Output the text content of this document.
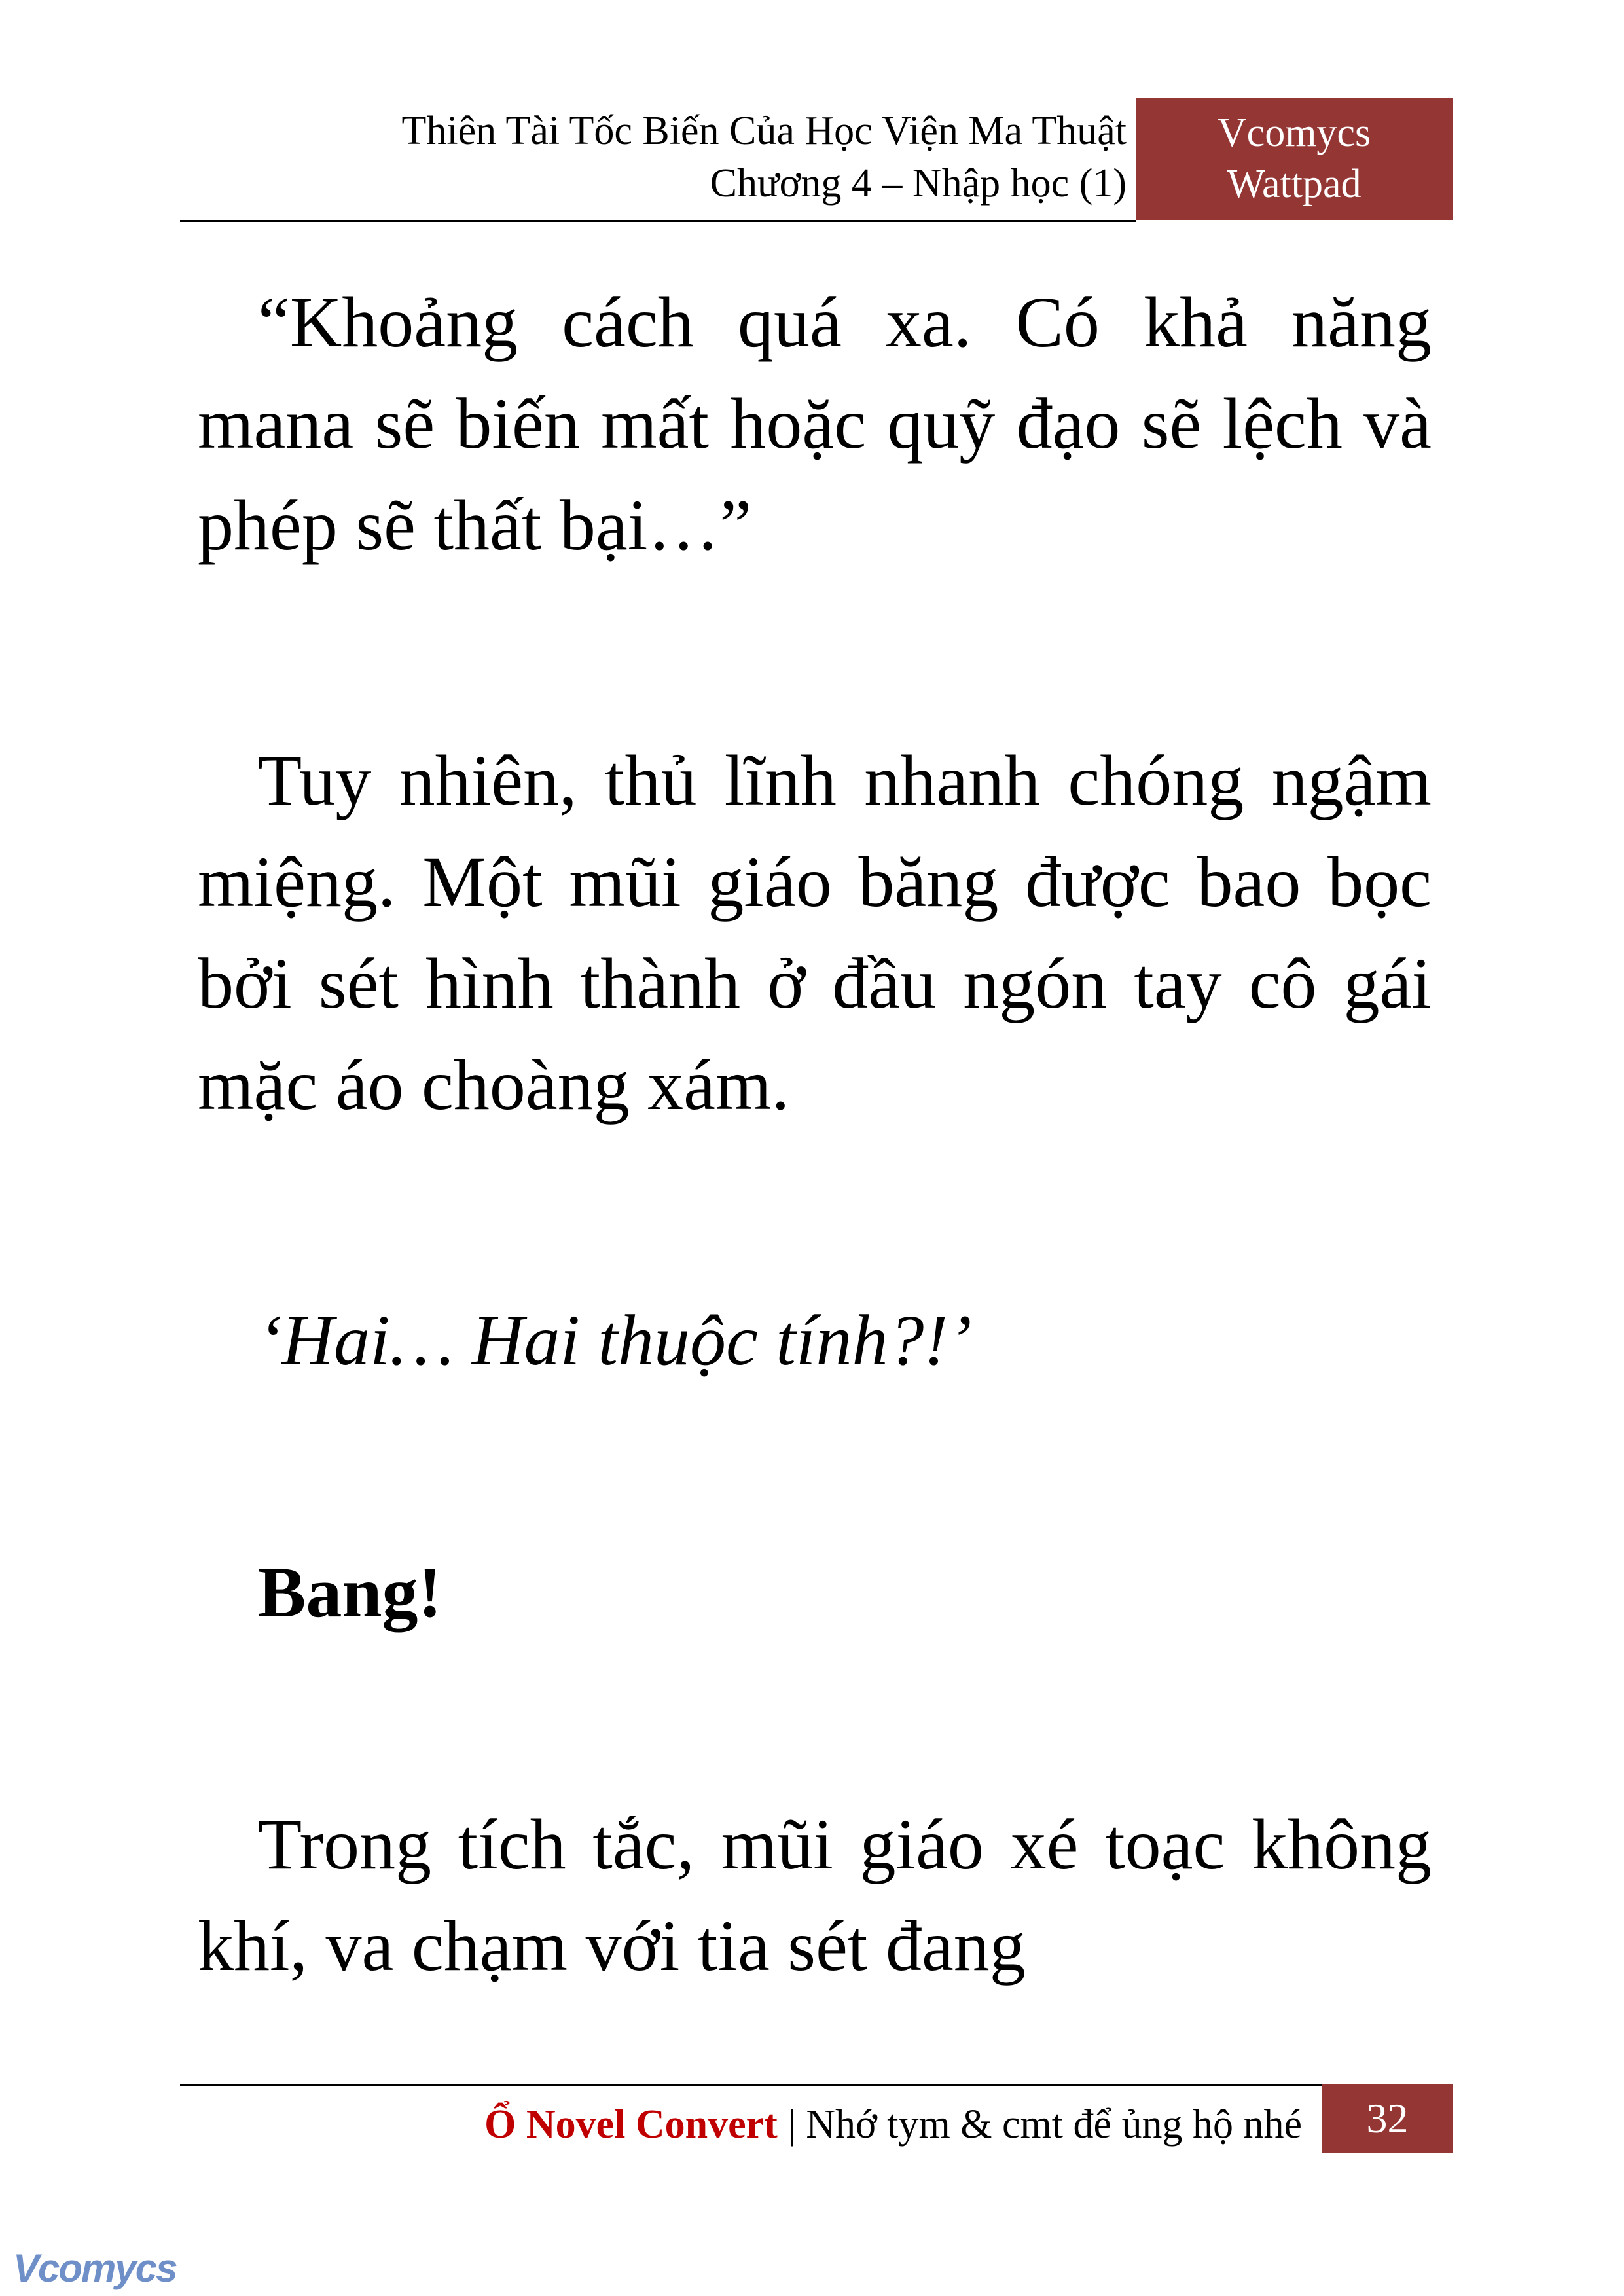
Thiên Tài Tốc Biến Của Học Viện Ma Thuật
Chương 4 – Nhập học (1)
Vcomycs
Wattpad

“Khoảng cách quá xa. Có khả năng mana sẽ biến mất hoặc quỹ đạo sẽ lệch và phép sẽ thất bại…”

Tuy nhiên, thủ lĩnh nhanh chóng ngậm miệng. Một mũi giáo băng được bao bọc bởi sét hình thành ở đầu ngón tay cô gái mặc áo choàng xám.

‘Hai… Hai thuộc tính?!’

Bang!

Trong tích tắc, mũi giáo xé toạc không khí, va chạm với tia sét đang

Ổ Novel Convert | Nhớ tym & cmt để ủng hộ nhé	32
Vcomycs
